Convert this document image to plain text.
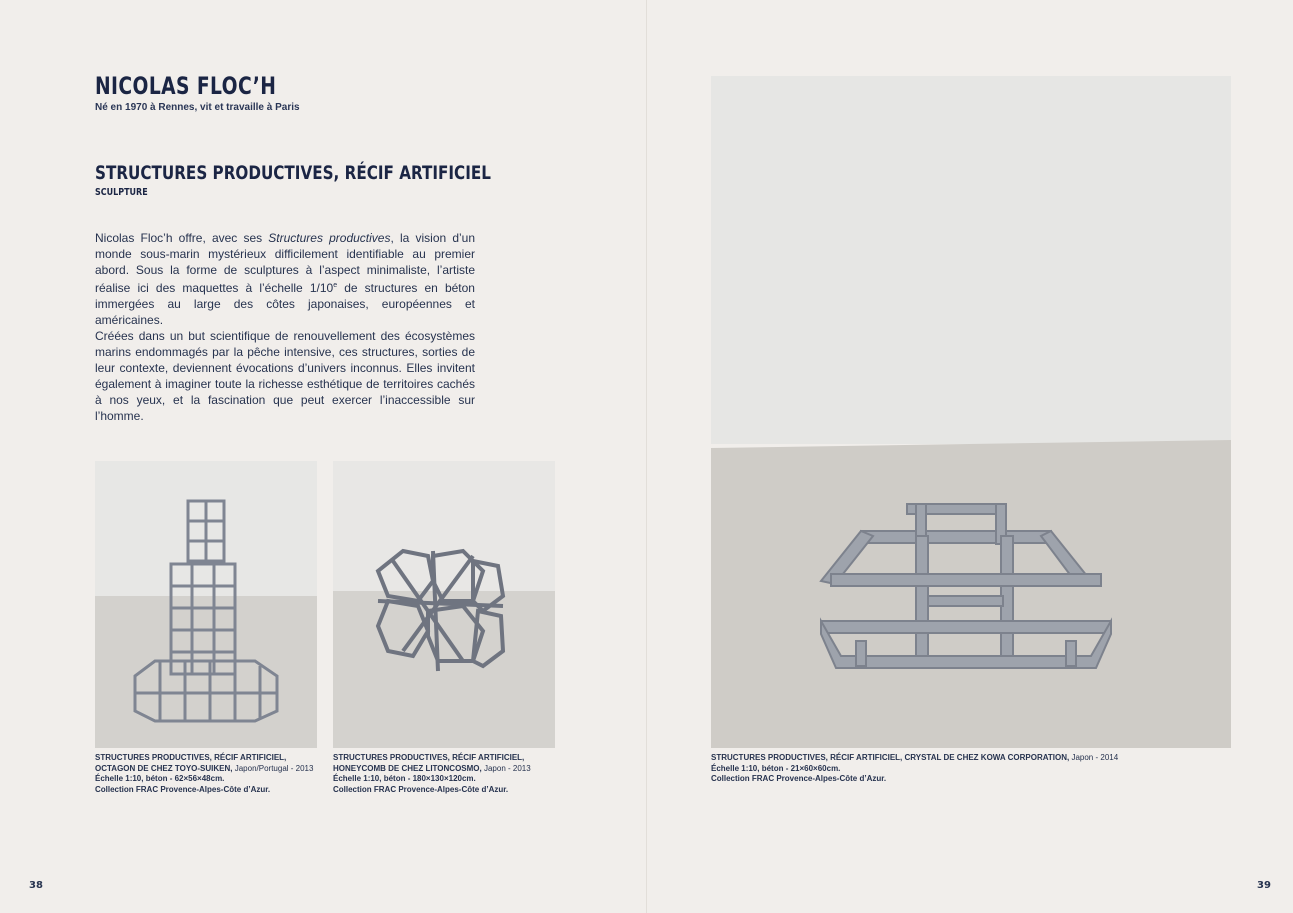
NICOLAS FLOC’H
Né en 1970 à Rennes, vit et travaille à Paris
STRUCTURES PRODUCTIVES, RÉCIF ARTIFICIEL
SCULPTURE

Nicolas Floc’h offre, avec ses Structures productives, la vision d’un monde sous-marin mystérieux difficilement identifiable au premier abord. Sous la forme de sculptures à l’aspect minimaliste, l’artiste réalise ici des maquettes à l’échelle 1/10e de structures en béton immergées au large des côtes japonaises, européennes et américaines.

Créées dans un but scientifique de renouvellement des écosystèmes marins endommagés par la pêche intensive, ces structures, sorties de leur contexte, deviennent évocations d’univers inconnus. Elles invitent également à imaginer toute la richesse esthétique de territoires cachés à nos yeux, et la fascination que peut exercer l’inaccessible sur l’homme.

STRUCTURES PRODUCTIVES, RÉCIF ARTIFICIEL, OCTAGON DE CHEZ TOYO-SUIKEN, Japon/Portugal - 2013
Échelle 1:10, béton - 62×56×48cm.
Collection FRAC Provence-Alpes-Côte d’Azur.
STRUCTURES PRODUCTIVES, RÉCIF ARTIFICIEL, HONEYCOMB DE CHEZ LITONCOSMO, Japon - 2013
Échelle 1:10, béton - 180×130×120cm.
Collection FRAC Provence-Alpes-Côte d’Azur.
STRUCTURES PRODUCTIVES, RÉCIF ARTIFICIEL, CRYSTAL DE CHEZ KOWA CORPORATION, Japon - 2014
Échelle 1:10, béton - 21×60×60cm.
Collection FRAC Provence-Alpes-Côte d’Azur.
38	39
